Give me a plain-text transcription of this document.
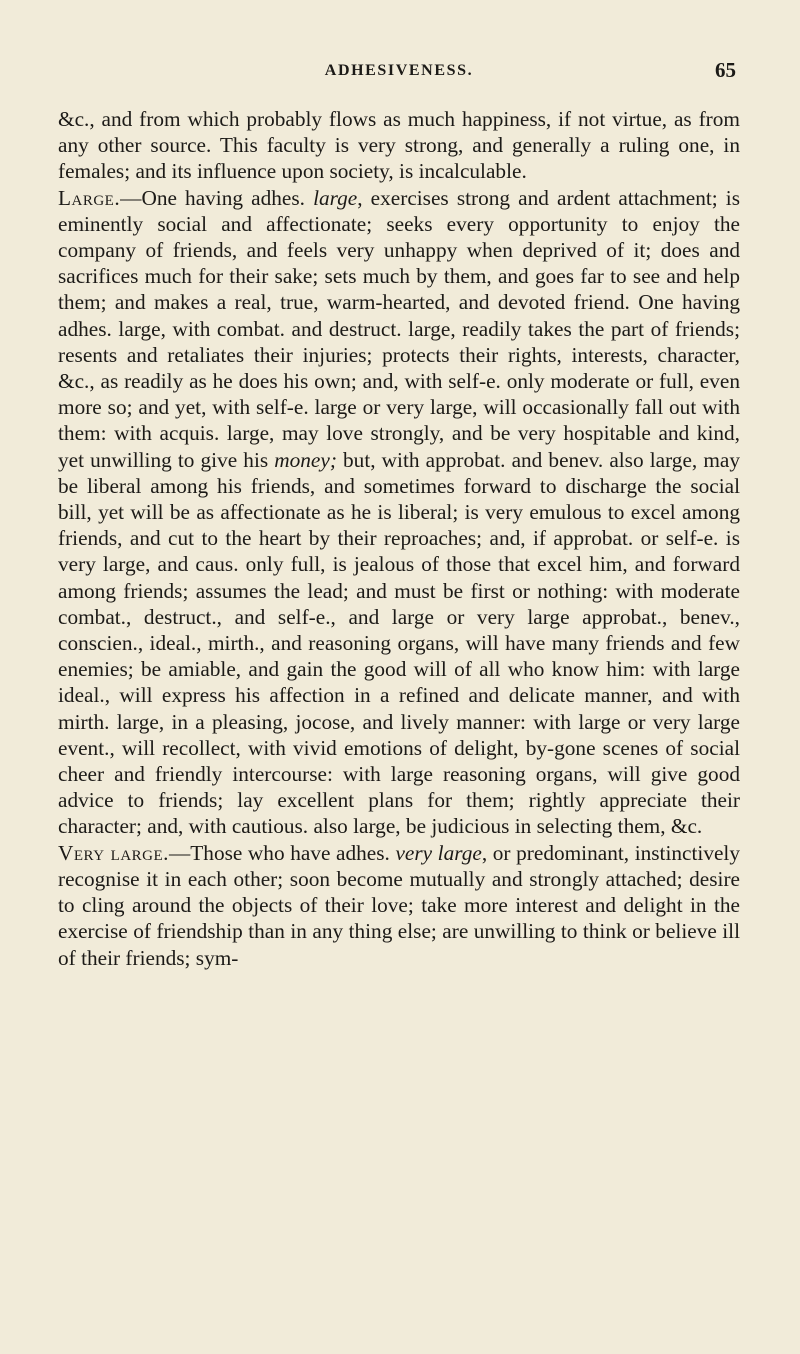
ADHESIVENESS.	65

&c., and from which probably flows as much happiness, if not virtue, as from any other source. This faculty is very strong, and generally a ruling one, in females; and its influence upon society, is incalculable.

Large.—One having adhes. large, exercises strong and ardent attachment; is eminently social and affectionate; seeks every opportunity to enjoy the company of friends, and feels very unhappy when deprived of it; does and sacrifices much for their sake; sets much by them, and goes far to see and help them; and makes a real, true, warm-hearted, and devoted friend. One having adhes. large, with combat. and destruct. large, readily takes the part of friends; resents and retaliates their injuries; protects their rights, interests, character, &c., as readily as he does his own; and, with self-e. only moderate or full, even more so; and yet, with self-e. large or very large, will occasionally fall out with them: with acquis. large, may love strongly, and be very hospitable and kind, yet unwilling to give his money; but, with approbat. and benev. also large, may be liberal among his friends, and sometimes forward to discharge the social bill, yet will be as affectionate as he is liberal; is very emulous to excel among friends, and cut to the heart by their reproaches; and, if approbat. or self-e. is very large, and caus. only full, is jealous of those that excel him, and forward among friends; assumes the lead; and must be first or nothing: with moderate combat., destruct., and self-e., and large or very large approbat., benev., conscien., ideal., mirth., and reasoning organs, will have many friends and few enemies; be amiable, and gain the good will of all who know him: with large ideal., will express his affection in a refined and delicate manner, and with mirth. large, in a pleasing, jocose, and lively manner: with large or very large event., will recollect, with vivid emotions of delight, by-gone scenes of social cheer and friendly intercourse: with large reasoning organs, will give good advice to friends; lay excellent plans for them; rightly appreciate their character; and, with cautious. also large, be judicious in selecting them, &c.

Very large.—Those who have adhes. very large, or predominant, instinctively recognise it in each other; soon become mutually and strongly attached; desire to cling around the objects of their love; take more interest and delight in the exercise of friendship than in any thing else; are unwilling to think or believe ill of their friends; sym-
